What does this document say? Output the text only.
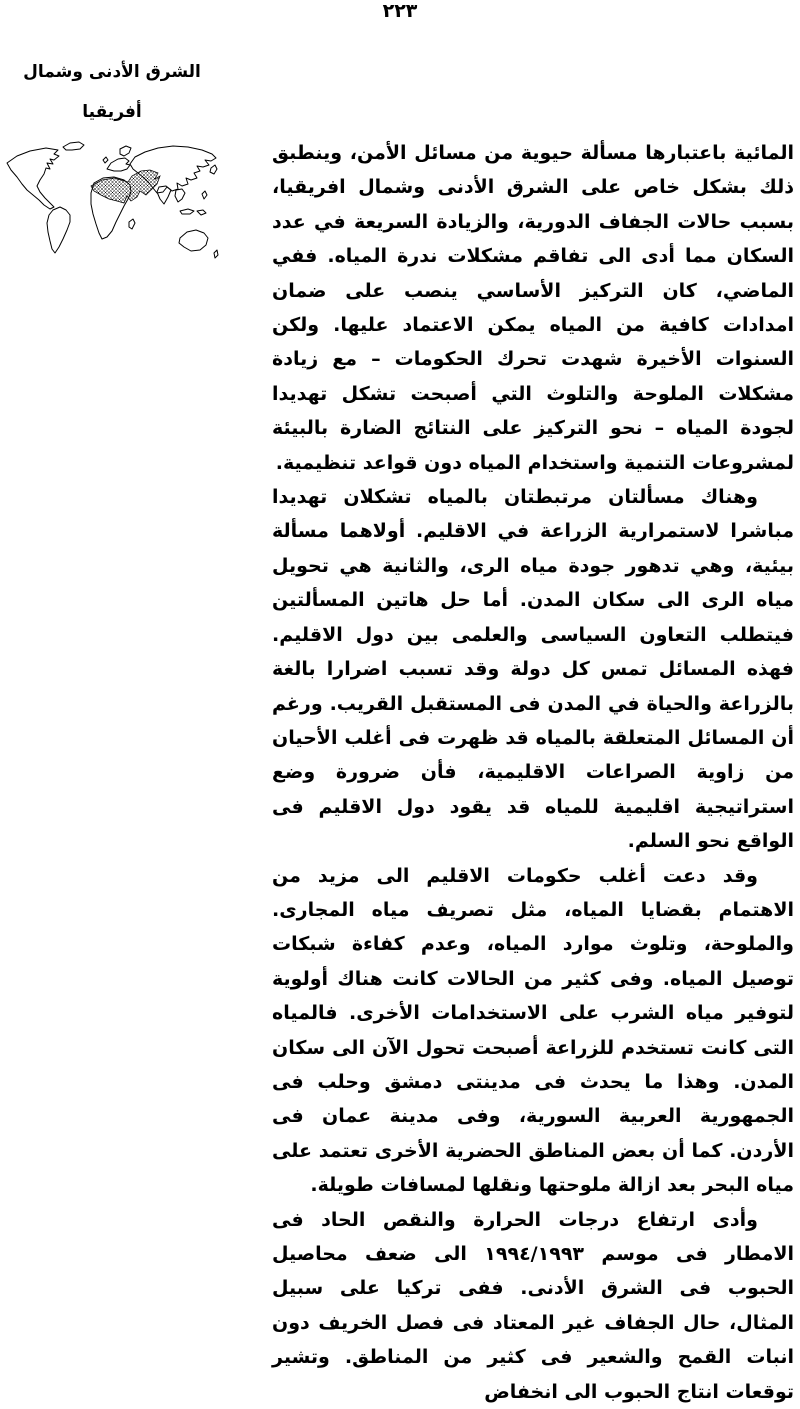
٢٢٣
الشرق الأدنى وشمال
أفريقيا

المائية باعتبارها مسألة حيوية من مسائل الأمن، وينطبق ذلك بشكل خاص على الشرق الأدنى وشمال افريقيا، بسبب حالات الجفاف الدورية، والزيادة السريعة في عدد السكان مما أدى الى تفاقم مشكلات ندرة المياه. ففي الماضي، كان التركيز الأساسي ينصب على ضمان امدادات كافية من المياه يمكن الاعتماد عليها. ولكن السنوات الأخيرة شهدت تحرك الحكومات – مع زيادة مشكلات الملوحة والتلوث التي أصبحت تشكل تهديدا لجودة المياه – نحو التركيز على النتائج الضارة بالبيئة لمشروعات التنمية واستخدام المياه دون قواعد تنظيمية.

وهناك مسألتان مرتبطتان بالمياه تشكلان تهديدا مباشرا لاستمرارية الزراعة في الاقليم. أولاهما مسألة بيئية، وهي تدهور جودة مياه الرى، والثانية هي تحويل مياه الرى الى سكان المدن. أما حل هاتين المسألتين فيتطلب التعاون السياسى والعلمى بين دول الاقليم. فهذه المسائل تمس كل دولة وقد تسبب اضرارا بالغة بالزراعة والحياة في المدن فى المستقبل القريب. ورغم أن المسائل المتعلقة بالمياه قد ظهرت فى أغلب الأحيان من زاوية الصراعات الاقليمية، فأن ضرورة وضع استراتيجية اقليمية للمياه قد يقود دول الاقليم فى الواقع نحو السلم.

وقد دعت أغلب حكومات الاقليم الى مزيد من الاهتمام بقضايا المياه، مثل تصريف مياه المجارى. والملوحة، وتلوث موارد المياه، وعدم كفاءة شبكات توصيل المياه. وفى كثير من الحالات كانت هناك أولوية لتوفير مياه الشرب على الاستخدامات الأخرى. فالمياه التى كانت تستخدم للزراعة أصبحت تحول الآن الى سكان المدن. وهذا ما يحدث فى مدينتى دمشق وحلب فى الجمهورية العربية السورية، وفى مدينة عمان فى الأردن. كما أن بعض المناطق الحضرية الأخرى تعتمد على مياه البحر بعد ازالة ملوحتها ونقلها لمسافات طويلة.

وأدى ارتفاع درجات الحرارة والنقص الحاد فى الامطار فى موسم ١٩٩٤/١٩٩٣ الى ضعف محاصيل الحبوب فى الشرق الأدنى. ففى تركيا على سبيل المثال، حال الجفاف غير المعتاد فى فصل الخريف دون انبات القمح والشعير فى كثير من المناطق. وتشير توقعات انتاج الحبوب الى انخفاض
